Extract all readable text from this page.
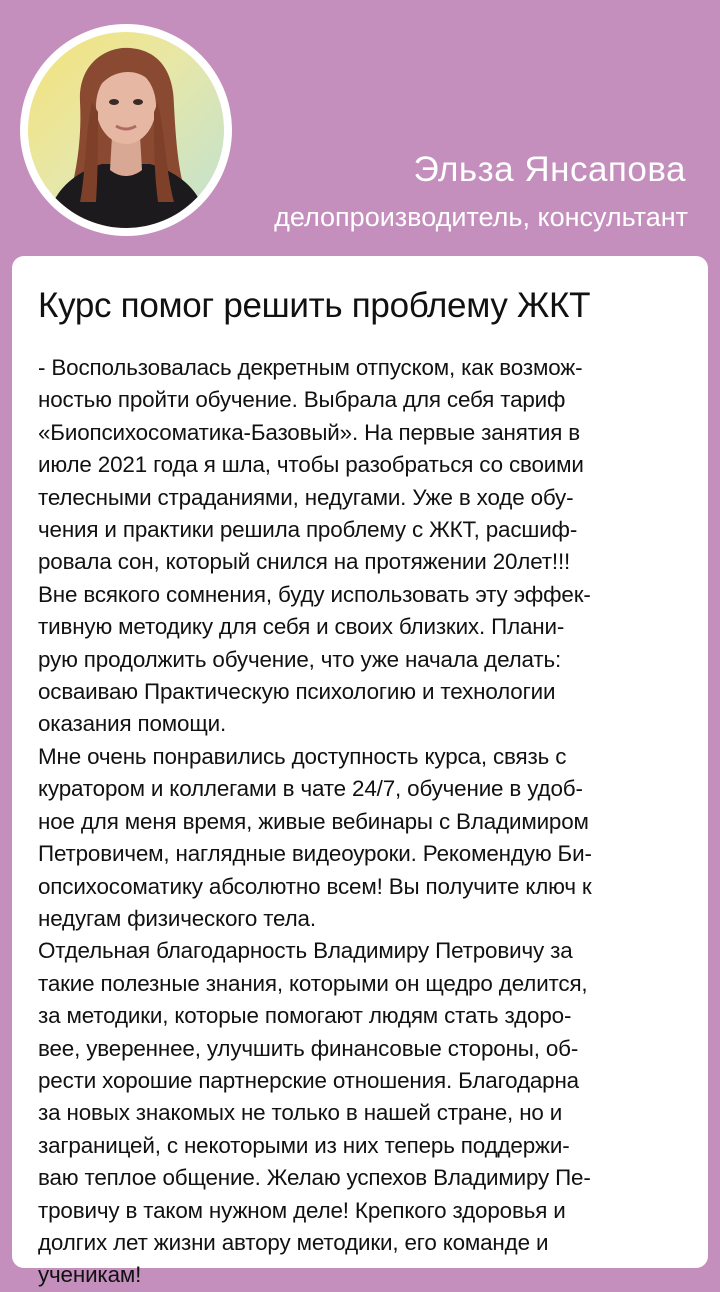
Эльза Янсапова
делопроизводитель, консультант
Курс помог решить проблему ЖКТ
- Воспользовалась декретным отпуском, как возмож-
ностью пройти обучение. Выбрала для себя тариф
«Биопсихосоматика-Базовый». На первые занятия в
июле 2021 года я шла, чтобы разобраться со своими
телесными страданиями, недугами. Уже в ходе обу-
чения и практики решила проблему с ЖКТ, расшиф-
ровала сон, который снился на протяжении 20лет!!!
Вне всякого сомнения, буду использовать эту эффек-
тивную методику для себя и своих близких. Плани-
рую продолжить обучение, что уже начала делать:
осваиваю Практическую психологию и технологии
оказания помощи.
Мне очень понравились доступность курса, связь с
куратором и коллегами в чате 24/7, обучение в удоб-
ное для меня время, живые вебинары с Владимиром
Петровичем, наглядные видеоуроки. Рекомендую Би-
опсихосоматику абсолютно всем! Вы получите ключ к
недугам физического тела.
Отдельная благодарность Владимиру Петровичу за
такие полезные знания, которыми он щедро делится,
за методики, которые помогают людям стать здоро-
вее, увереннее, улучшить финансовые стороны, об-
рести хорошие партнерские отношения. Благодарна
за новых знакомых не только в нашей стране, но и
заграницей, с некоторыми из них теперь поддержи-
ваю теплое общение. Желаю успехов Владимиру Пе-
тровичу в таком нужном деле! Крепкого здоровья и
долгих лет жизни автору методики, его команде и
ученикам!
